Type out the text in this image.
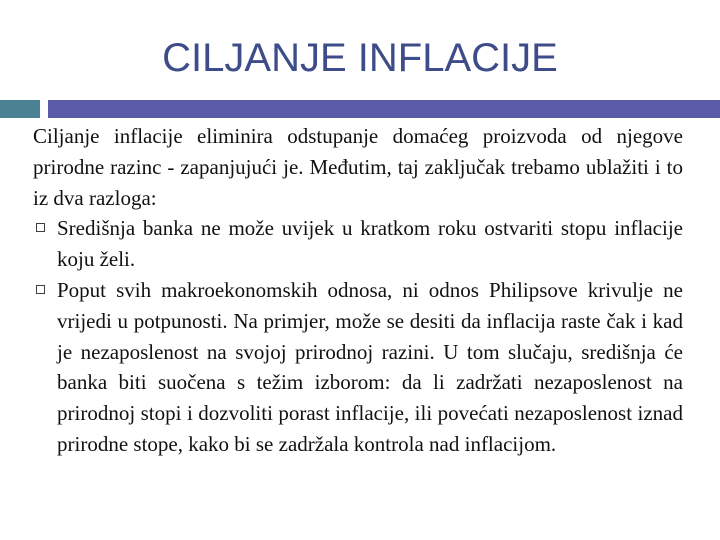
CILJANJE INFLACIJE

Ciljanje inflacije eliminira odstupanje domaćeg proizvoda od njegove prirodne razinc - zapanjujući je. Međutim, taj zaključak trebamo ublažiti i to iz dva razloga:

Središnja banka ne može uvijek u kratkom roku ostvariti stopu inflacije koju želi.
Poput svih makroekonomskih odnosa, ni odnos Philipsove krivulje ne vrijedi u potpunosti. Na primjer, može se desiti da inflacija raste čak i kad je nezaposlenost na svojoj prirodnoj razini. U tom slučaju, središnja će banka biti suočena s težim izborom: da li zadržati nezaposlenost na prirodnoj stopi i dozvoliti porast inflacije, ili povećati nezaposlenost iznad prirodne stope, kako bi se zadržala kontrola nad inflacijom.
